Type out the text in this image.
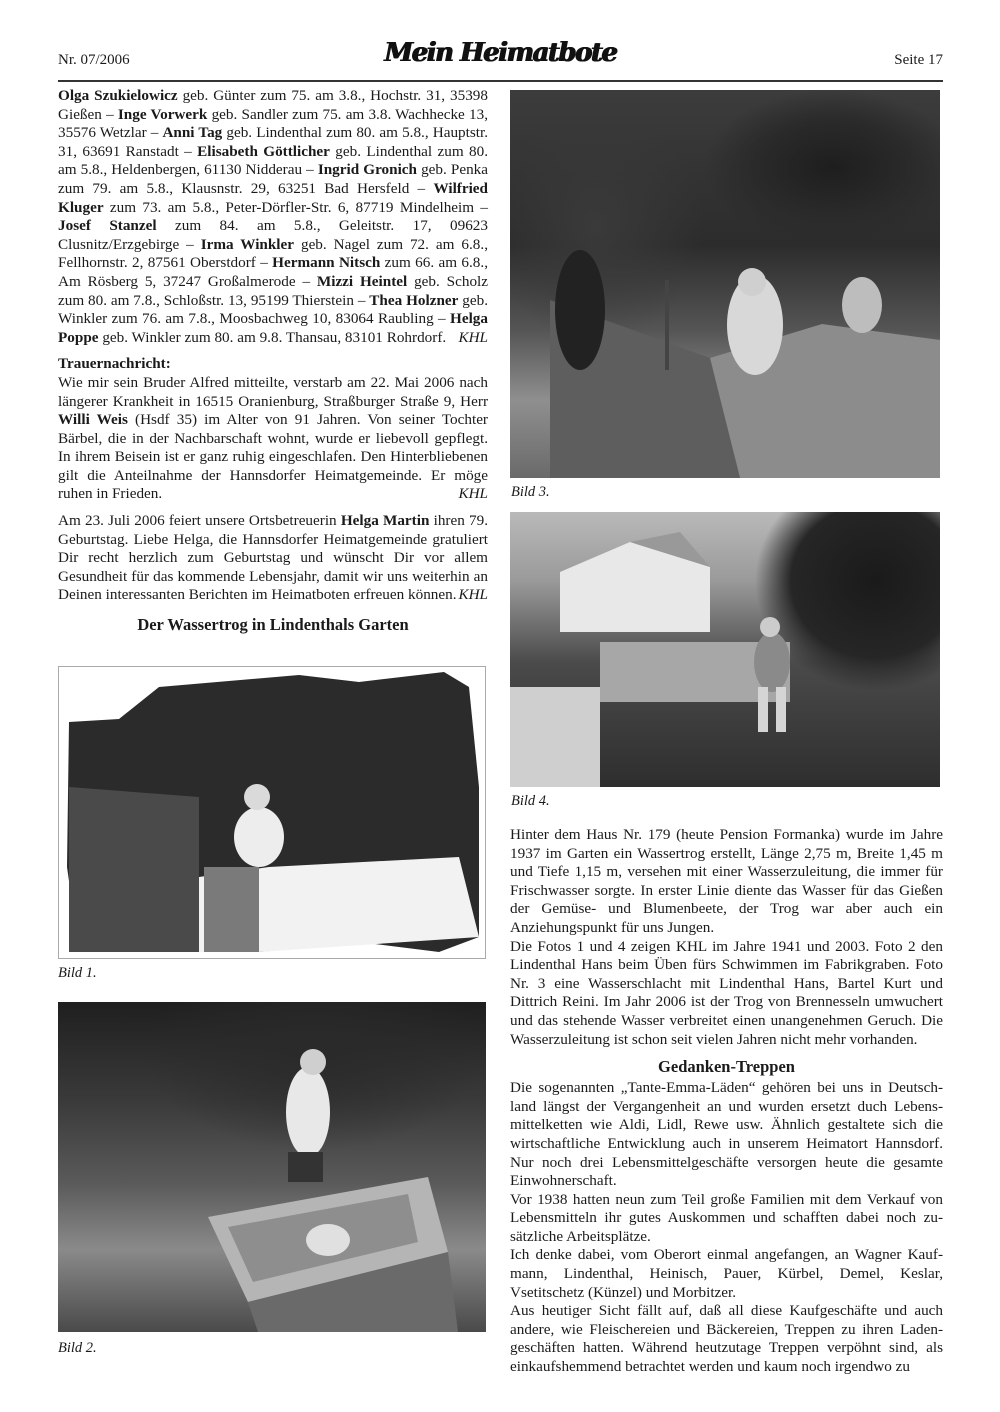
Nr. 07/2006	Mein Heimatbote	Seite 17

Olga Szukielowicz geb. Günter zum 75. am 3.8., Hochstr. 31, 35398 Gießen – Inge Vorwerk geb. Sandler zum 75. am 3.8. Wachhecke 13, 35576 Wetzlar – Anni Tag geb. Lindenthal zum 80. am 5.8., Hauptstr. 31, 63691 Ranstadt – Elisabeth Göttlicher geb. Lindenthal zum 80. am 5.8., Heldenbergen, 61130 Nidderau – Ingrid Gronich geb. Penka zum 79. am 5.8., Klausnstr. 29, 63251 Bad Hersfeld – Wilfried Kluger zum 73. am 5.8., Peter-Dörfler-Str. 6, 87719 Mindelheim – Josef Stanzel zum 84. am 5.8., Geleitstr. 17, 09623 Clusnitz/Erzgebirge – Irma Winkler geb. Nagel zum 72. am 6.8., Fellhornstr. 2, 87561 Oberstdorf – Hermann Nitsch zum 66. am 6.8., Am Rösberg 5, 37247 Großalmerode – Mizzi Heintel geb. Scholz zum 80. am 7.8., Schloßstr. 13, 95199 Thierstein – Thea Holzner geb. Winkler zum 76. am 7.8., Moosbachweg 10, 83064 Raubling – Helga Poppe geb. Winkler zum 80. am 9.8. Thansau, 83101 Rohrdorf. KHL

Trauernachricht:

Wie mir sein Bruder Alfred mitteilte, verstarb am 22. Mai 2006 nach längerer Krankheit in 16515 Oranienburg, Straßburger Straße 9, Herr Willi Weis (Hsdf 35) im Alter von 91 Jahren. Von seiner Tochter Bärbel, die in der Nachbarschaft wohnt, wurde er liebevoll gepflegt. In ihrem Beisein ist er ganz ruhig eingeschlafen. Den Hinterbliebenen gilt die Anteilnahme der Hannsdorfer Heimatgemeinde. Er möge ruhen in Frieden.	KHL

Am 23. Juli 2006 feiert unsere Ortsbetreuerin Helga Martin ihren 79. Geburtstag. Liebe Helga, die Hannsdorfer Heimatgemeinde gratuliert Dir recht herzlich zum Geburtstag und wünscht Dir vor allem Gesundheit für das kommende Lebensjahr, damit wir uns weiterhin an Deinen interessanten Berichten im Heimatboten erfreuen können. KHL

Der Wassertrog in Lindenthals Garten
Bild 3.
Bild 4.
Bild 1.
Bild 2.

Hinter dem Haus Nr. 179 (heute Pension Formanka) wurde im Jahre 1937 im Garten ein Wassertrog erstellt, Länge 2,75 m, Breite 1,45 m und Tiefe 1,15 m, versehen mit einer Wasserzuleitung, die immer für Frischwasser sorgte. In erster Linie diente das Wasser für das Gießen der Gemüse- und Blumenbeete, der Trog war aber auch ein Anziehungspunkt für uns Jungen.

Die Fotos 1 und 4 zeigen KHL im Jahre 1941 und 2003. Foto 2 den Lindenthal Hans beim Üben fürs Schwimmen im Fabrikgraben. Foto Nr. 3 eine Wasserschlacht mit Lindenthal Hans, Bartel Kurt und Dittrich Reini. Im Jahr 2006 ist der Trog von Brennesseln umwuchert und das stehende Wasser verbreitet einen unangenehmen Geruch. Die Wasserzuleitung ist schon seit vielen Jahren nicht mehr vorhanden.

Gedanken-Treppen

Die sogenannten „Tante-Emma-Läden“ gehören bei uns in Deutschland längst der Vergangenheit an und wurden ersetzt duch Lebensmittelketten wie Aldi, Lidl, Rewe usw. Ähnlich gestaltete sich die wirtschaftliche Entwicklung auch in unserem Heimatort Hannsdorf. Nur noch drei Lebensmittelgeschäfte versorgen heute die gesamte Einwohnerschaft.

Vor 1938 hatten neun zum Teil große Familien mit dem Verkauf von Lebensmitteln ihr gutes Auskommen und schafften dabei noch zusätzliche Arbeitsplätze.

Ich denke dabei, vom Oberort einmal angefangen, an Wagner Kaufmann, Lindenthal, Heinisch, Pauer, Kürbel, Demel, Keslar, Vsetitschetz (Künzel) und Morbitzer.

Aus heutiger Sicht fällt auf, daß all diese Kaufgeschäfte und auch andere, wie Fleischereien und Bäckereien, Treppen zu ihren Ladengeschäften hatten. Während heutzutage Treppen verpöhnt sind, als einkaufshemmend betrachtet werden und kaum noch irgendwo zu
